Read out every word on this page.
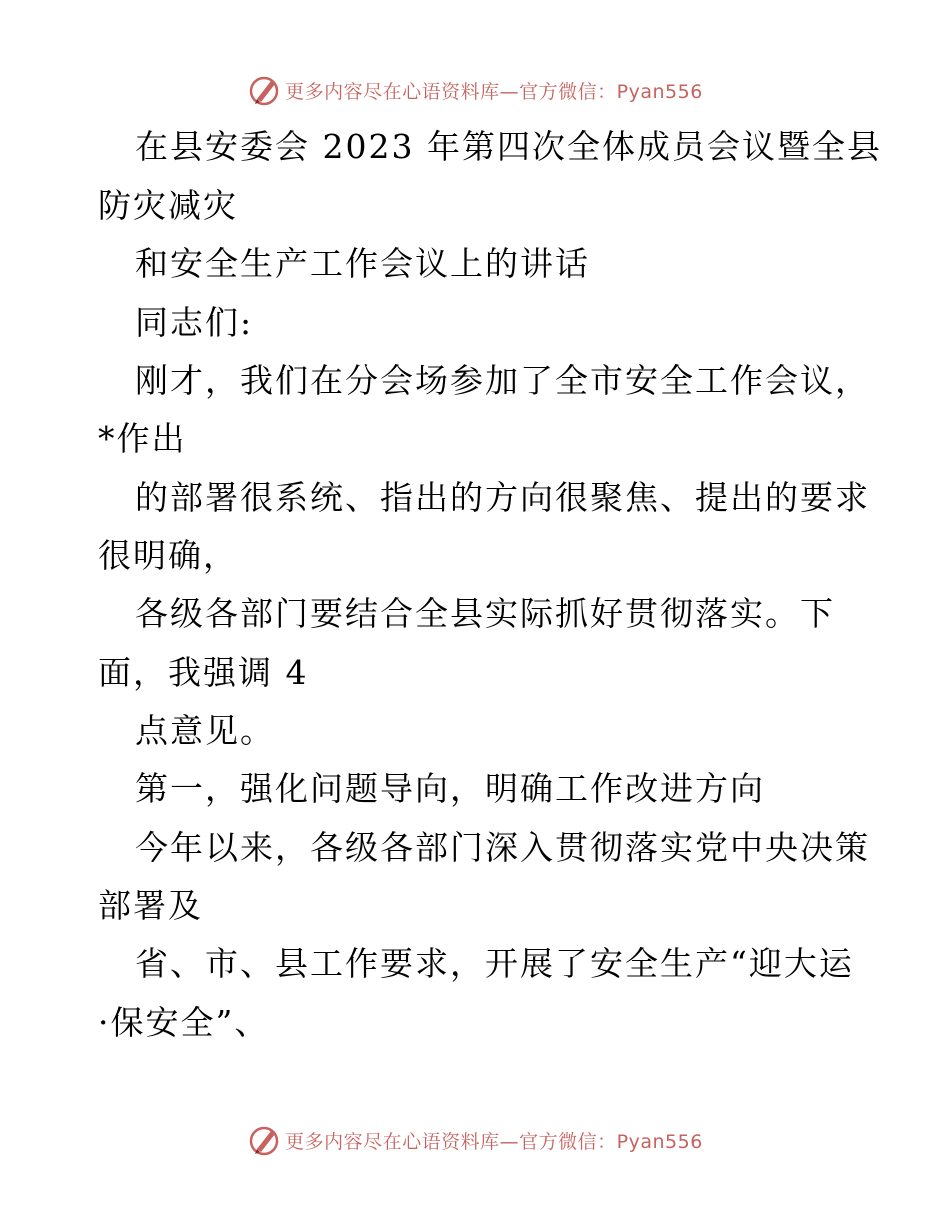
更多内容尽在心语资料库—官方微信：Pyan556
在县安委会 2023 年第四次全体成员会议暨全县
防灾减灾
和安全生产工作会议上的讲话
同志们:
刚才，我们在分会场参加了全市安全工作会议，
*作出
的部署很系统、指出的方向很聚焦、提出的要求
很明确，
各级各部门要结合全县实际抓好贯彻落实。下
面，我强调 4
点意见。
第一，强化问题导向，明确工作改进方向
今年以来，各级各部门深入贯彻落实党中央决策
部署及
省、市、县工作要求，开展了安全生产“迎大运
·保安全”、
更多内容尽在心语资料库—官方微信：Pyan556
